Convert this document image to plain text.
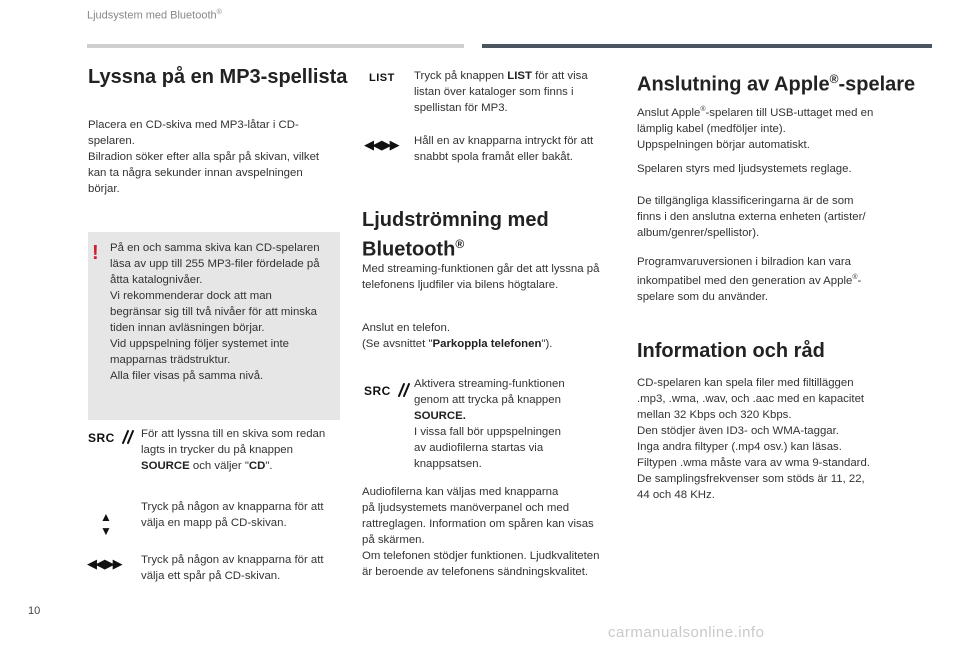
Ljudsystem med Bluetooth®
Lyssna på en MP3-spellista
Placera en CD-skiva med MP3-låtar i CD-
spelaren.
Bilradion söker efter alla spår på skivan, vilket
kan ta några sekunder innan avspelningen
börjar.
! På en och samma skiva kan CD-spelaren
läsa av upp till 255 MP3-filer fördelade på
åtta katalognivåer.
Vi rekommenderar dock att man
begränsar sig till två nivåer för att minska
tiden innan avläsningen börjar.
Vid uppspelning följer systemet inte
mapparnas trädstruktur.
Alla filer visas på samma nivå.
SRC	För att lyssna till en skiva som redan
lagts in trycker du på knappen
SOURCE och väljer "CD".
▲
▼
Tryck på någon av knapparna för att
välja en mapp på CD-skivan.
◀◀ ▶▶ Tryck på någon av knapparna för att
välja ett spår på CD-skivan.
LIST Tryck på knappen LIST för att visa
listan över kataloger som finns i
spellistan för MP3.
◀◀ ▶▶ Håll en av knapparna intryckt för att
snabbt spola framåt eller bakåt.
Ljudströmning med
Bluetooth®
Med streaming-funktionen går det att lyssna på
telefonens ljudfiler via bilens högtalare.
Anslut en telefon.
(Se avsnittet "Parkoppla telefonen").
SRC	Aktivera streaming-funktionen
genom att trycka på knappen
SOURCE.
I vissa fall bör uppspelningen
av audiofilerna startas via
knappsatsen.
Audiofilerna kan väljas med knapparna
på ljudsystemets manöverpanel och med
rattreglagen. Information om spåren kan visas
på skärmen.
Om telefonen stödjer funktionen. Ljudkvaliteten
är beroende av telefonens sändningskvalitet.
Anslutning av Apple®-spelare
Anslut Apple®-spelaren till USB-uttaget med en
lämplig kabel (medföljer inte).
Uppspelningen börjar automatiskt.
Spelaren styrs med ljudsystemets reglage.
De tillgängliga klassificeringarna är de som
finns i den anslutna externa enheten (artister/
album/genrer/spellistor).
Programvaruversionen i bilradion kan vara
inkompatibel med den generation av Apple®-
spelare som du använder.
Information och råd
CD-spelaren kan spela filer med filtilläggen
.mp3, .wma, .wav, och .aac med en kapacitet
mellan 32 Kbps och 320 Kbps.
Den stödjer även ID3- och WMA-taggar.
Inga andra filtyper (.mp4 osv.) kan läsas.
Filtypen .wma måste vara av wma 9-standard.
De samplingsfrekvenser som stöds är 11, 22,
44 och 48 KHz.
10
carmanualsonline.info
